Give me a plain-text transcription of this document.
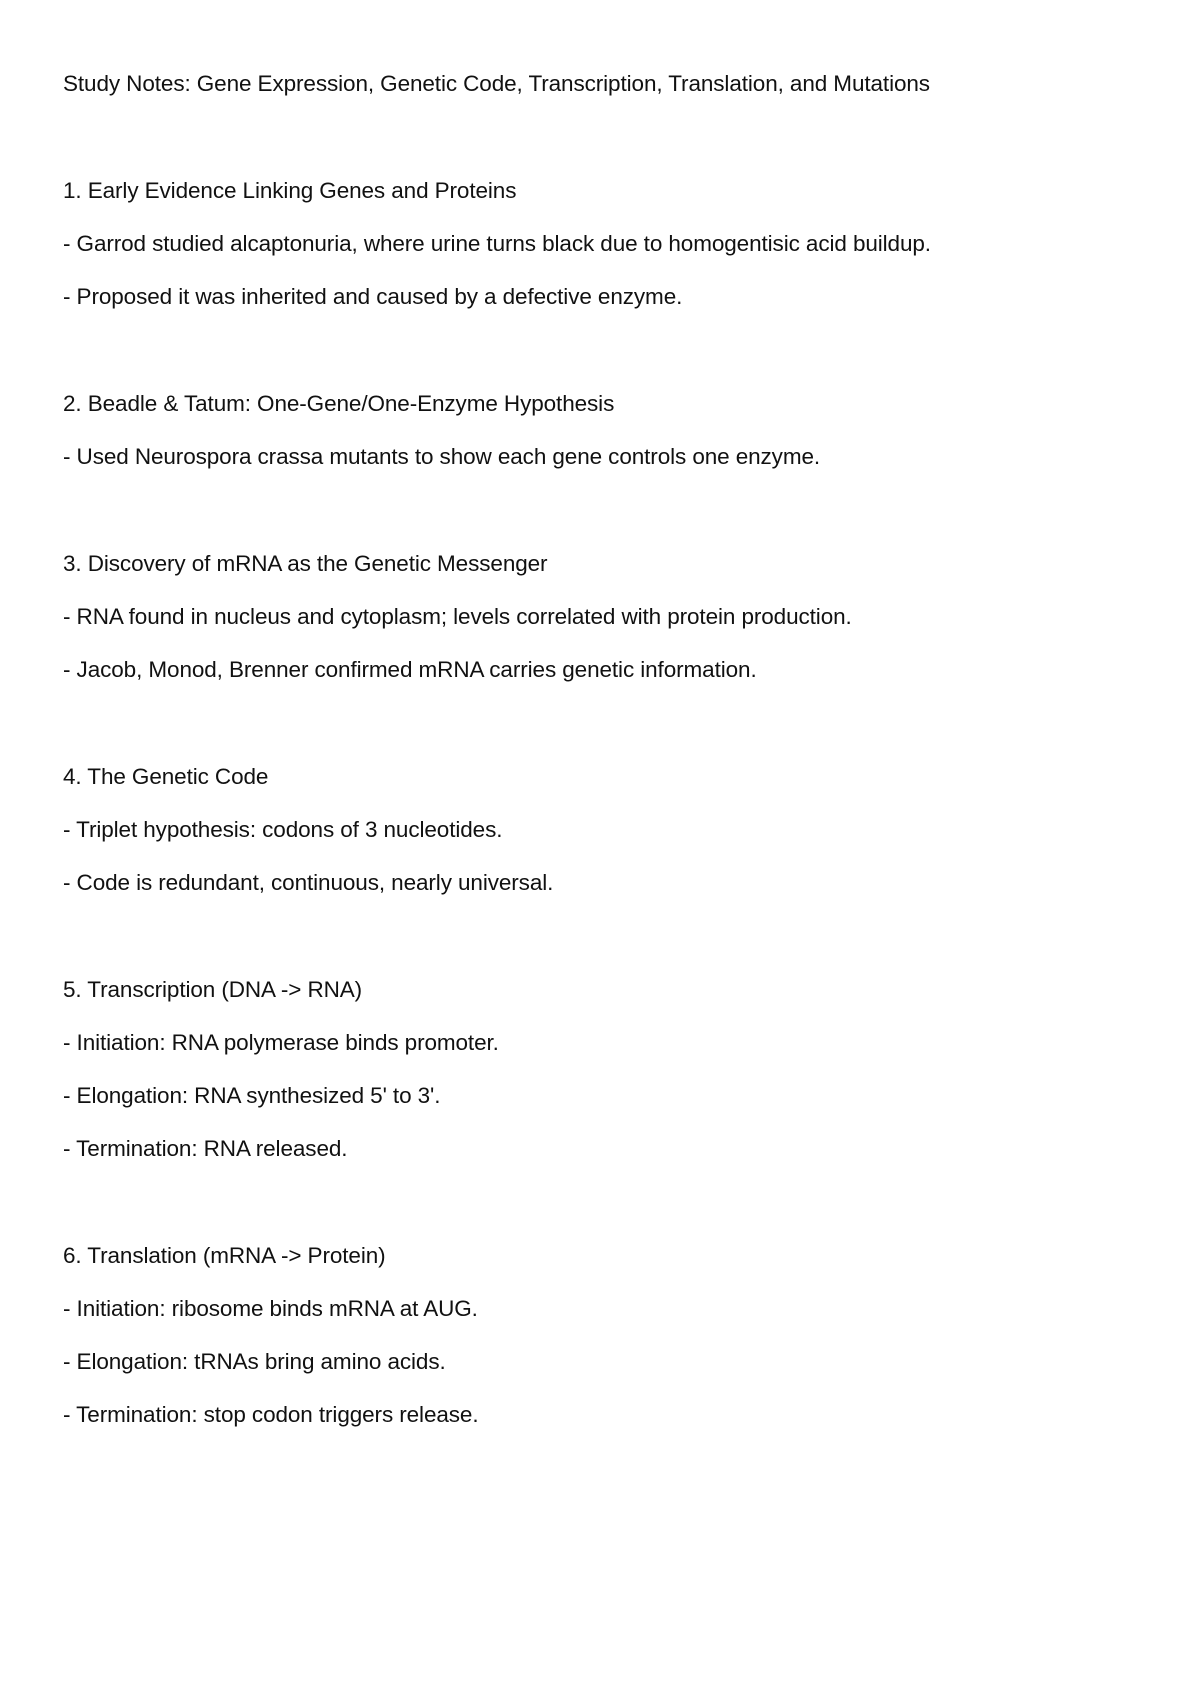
Study Notes: Gene Expression, Genetic Code, Transcription, Translation, and Mutations
1. Early Evidence Linking Genes and Proteins
- Garrod studied alcaptonuria, where urine turns black due to homogentisic acid buildup.
- Proposed it was inherited and caused by a defective enzyme.
2. Beadle & Tatum: One-Gene/One-Enzyme Hypothesis
- Used Neurospora crassa mutants to show each gene controls one enzyme.
3. Discovery of mRNA as the Genetic Messenger
- RNA found in nucleus and cytoplasm; levels correlated with protein production.
- Jacob, Monod, Brenner confirmed mRNA carries genetic information.
4. The Genetic Code
- Triplet hypothesis: codons of 3 nucleotides.
- Code is redundant, continuous, nearly universal.
5. Transcription (DNA -> RNA)
- Initiation: RNA polymerase binds promoter.
- Elongation: RNA synthesized 5' to 3'.
- Termination: RNA released.
6. Translation (mRNA -> Protein)
- Initiation: ribosome binds mRNA at AUG.
- Elongation: tRNAs bring amino acids.
- Termination: stop codon triggers release.
